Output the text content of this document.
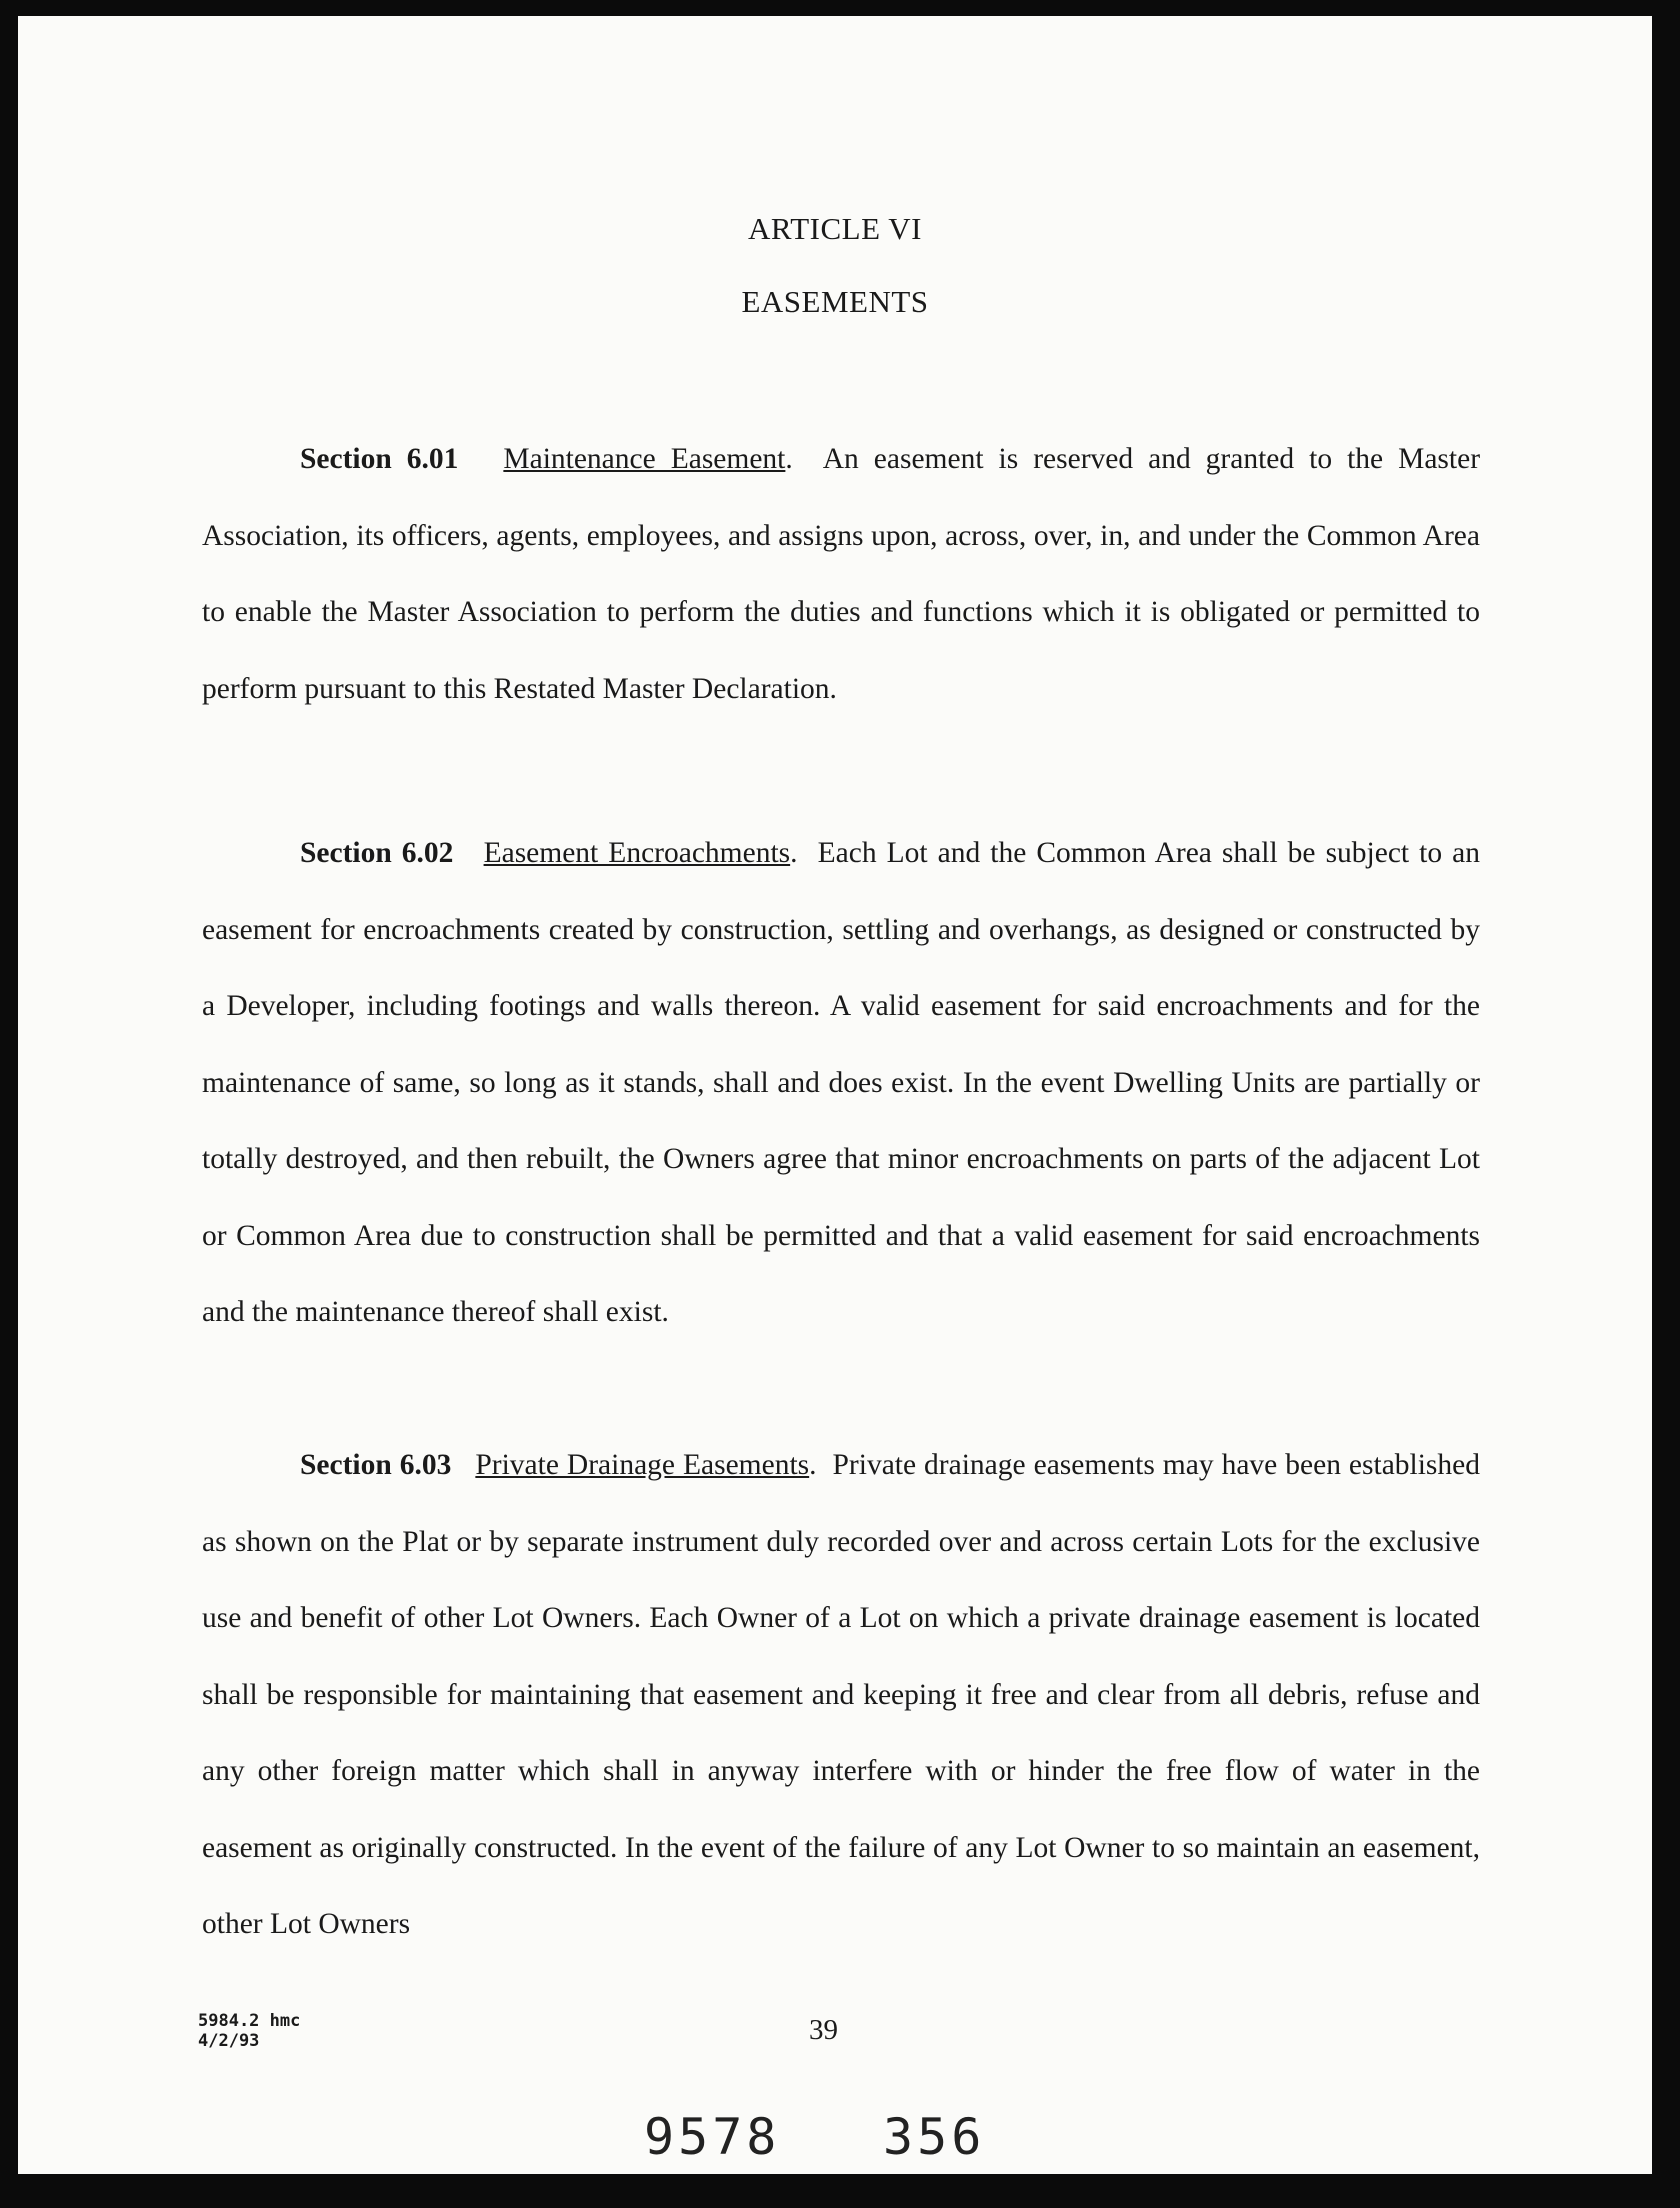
ARTICLE VI
EASEMENTS
Section 6.01 Maintenance Easement.  An easement is reserved and granted to the Master Association, its officers, agents, employees, and assigns upon, across, over, in, and under the Common Area to enable the Master Association to perform the duties and functions which it is obligated or permitted to perform pursuant to this Restated Master Declaration.
Section 6.02 Easement Encroachments.  Each Lot and the Common Area shall be subject to an easement for encroachments created by construction, settling and overhangs, as designed or constructed by a Developer, including footings and walls thereon. A valid easement for said encroachments and for the maintenance of same, so long as it stands, shall and does exist. In the event Dwelling Units are partially or totally destroyed, and then rebuilt, the Owners agree that minor encroachments on parts of the adjacent Lot or Common Area due to construction shall be permitted and that a valid easement for said encroachments and the maintenance thereof shall exist.
Section 6.03 Private Drainage Easements.  Private drainage easements may have been established as shown on the Plat or by separate instrument duly recorded over and across certain Lots for the exclusive use and benefit of other Lot Owners. Each Owner of a Lot on which a private drainage easement is located shall be responsible for maintaining that easement and keeping it free and clear from all debris, refuse and any other foreign matter which shall in anyway interfere with or hinder the free flow of water in the easement as originally constructed. In the event of the failure of any Lot Owner to so maintain an easement, other Lot Owners
5984.2 hmc
4/2/93	39
9578 356
